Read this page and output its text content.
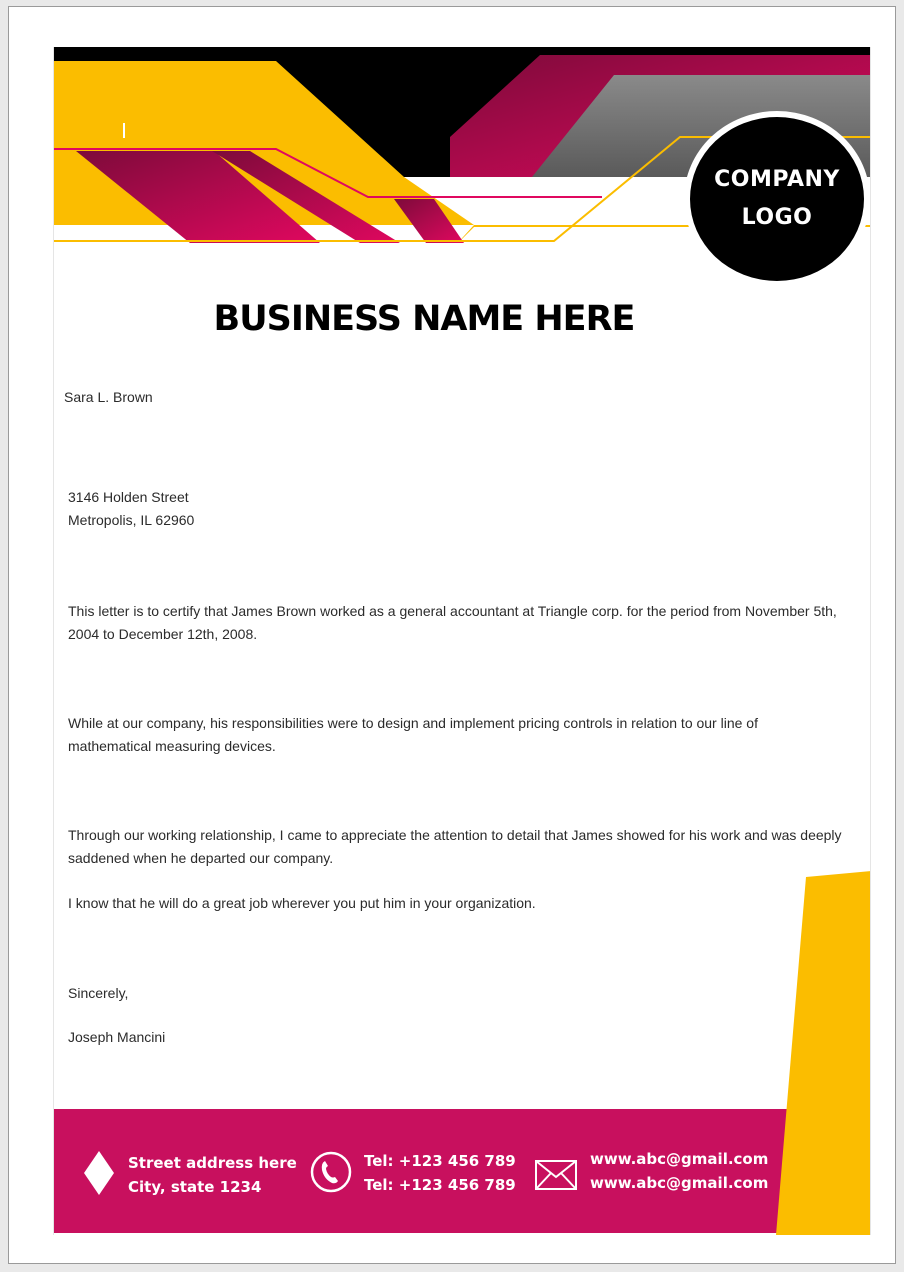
COMPANY
LOGO
BUSINESS NAME HERE
Sara L. Brown
3146 Holden Street
Metropolis, IL 62960

This letter is to certify that James Brown worked as a general accountant at Triangle corp. for the period from November 5th, 2004 to December 12th, 2008.

While at our company, his responsibilities were to design and implement pricing controls in relation to our line of mathematical measuring devices.

Through our working relationship, I came to appreciate the attention to detail that James showed for his work and was deeply saddened when he departed our company.

I know that he will do a great job wherever you put him in your organization.

Sincerely,
Joseph Mancini
Street address here
City, state 1234
Tel: +123 456 789
Tel: +123 456 789
www.abc@gmail.com
www.abc@gmail.com
